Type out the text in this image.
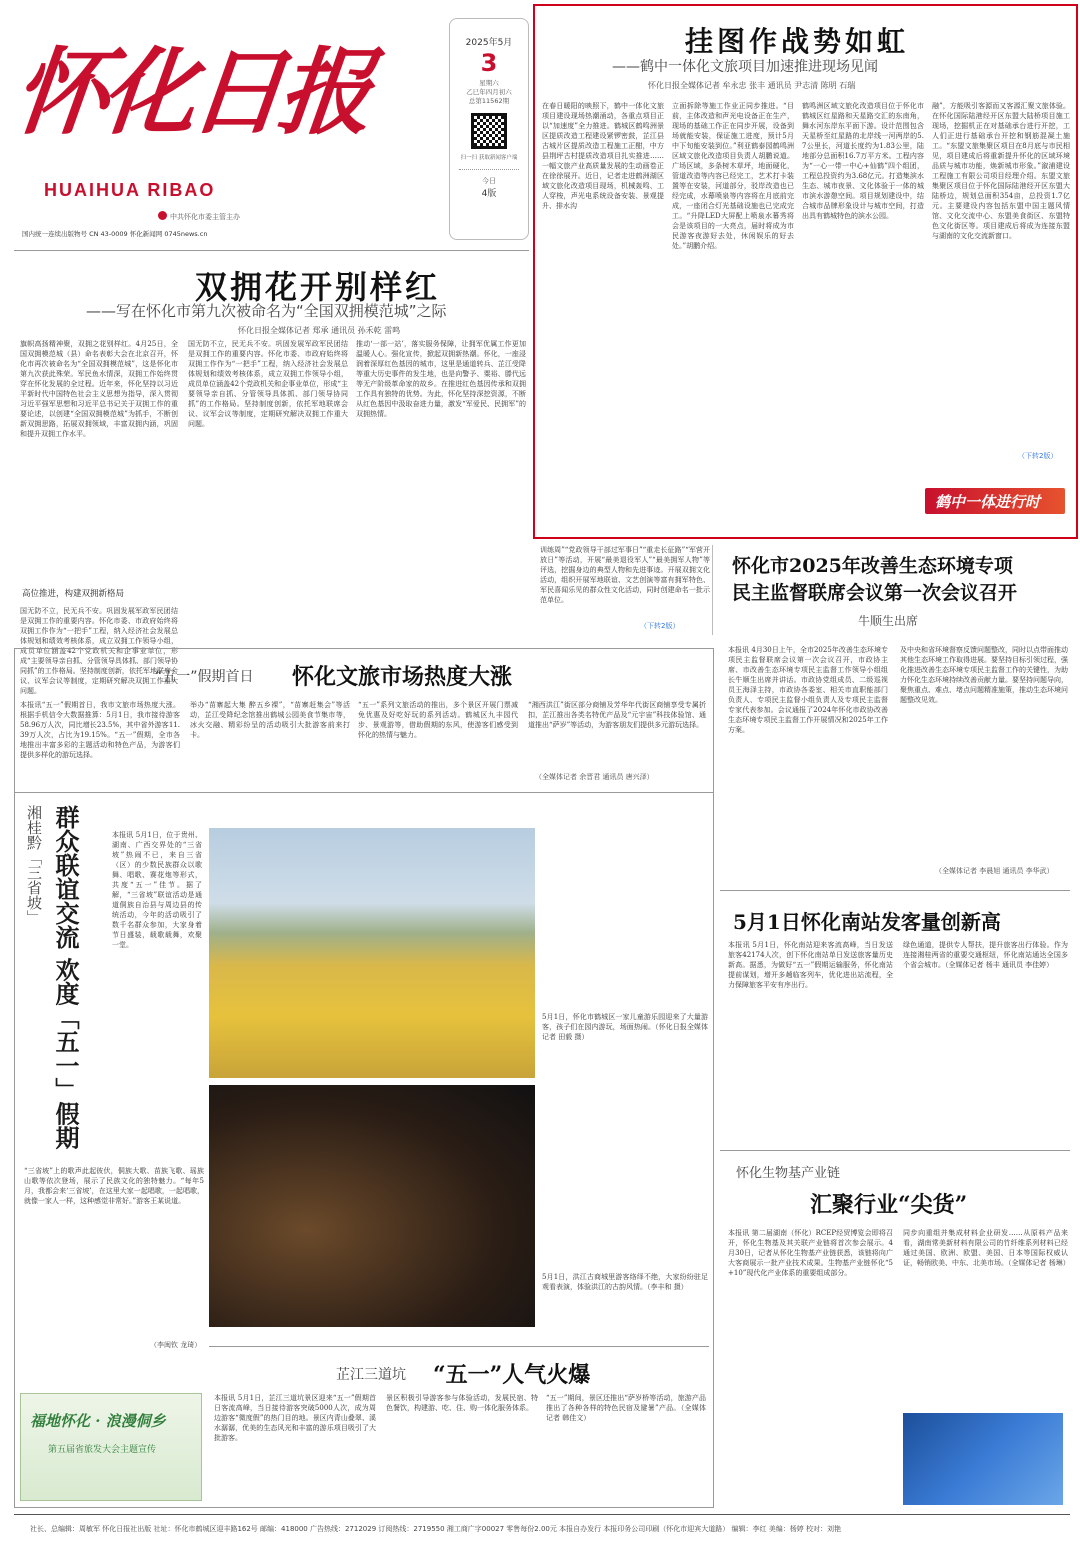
怀化日报
HUAIHUA RIBAO
中共怀化市委主管主办
国内统一连续出版物号 CN 43-0009 怀化新闻网 0745news.cn
2025年5月
3
星期六
乙巳年四月初六
总第11562期
扫一扫 获取新闻客户端
今日
4版
挂图作战势如虹
——鹤中一体化文旅项目加速推进现场见闻
怀化日报全媒体记者 牟永忠 张丰 通讯员 尹志清 陈明 石瑞
在春日暖阳的映照下，鹤中一体化文旅项目建设现场热潮涌动，各重点项目正以“加速度”全力推进。鹤城区鹤鸣洲景区提质改造工程建设紧锣密鼓，芷江县古城片区提质改造工程施工正酣，中方县荆坪古村提质改造项目扎实推进……一幅文旅产业高质量发展的生动画卷正在徐徐展开。近日，记者走进鹤洲湖区域文旅化改造项目现场，机械轰鸣、工人穿梭，声光电系统设备安装、景观提升、排水沟
立面拆除等施工作业正同步推进。“目前，主体改造和声光电设备正在生产，现场的基础工作正在同步开展，设备到场就能安装，保证施工进度，预计5月中下旬能安装到位。”利亚鹤泰园鹤鸣洲区域文旅化改造项目负责人胡鹏说道。广场区域，多条树木草坪，地面硬化，管道改造等内容已经完工，艺术打卡装置等在安装，河道部分，驳岸改造也已经完成，水幕喷泉等内容将在月底前完成，一座闭合灯光基础设施也已完成完工。“升降LED大屏配上喷泉水幕秀将会是该项目的一大亮点，届时将成为市民游客夜游好去处，休闲娱乐的好去处。”胡鹏介绍。
鹤鸣洲区域文旅化改造项目位于怀化市鹤城区红星路和天星路交汇的东南角，舞水河东岸东平面下游。设计范围包含天星桥至红星路的北岸线一河两岸的5.7公里长，河道长度约为1.83公里，陆地部分总面积16.7万平方米。工程内容为“一心一带一中心+仙鹤”四个组团，工程总投资约为3.68亿元。打造集滨水生态、城市夜景、文化体验于一体的城市滨水游憩空间。项目规划建设中，结合城市品牌形象设计与城市空间，打造出具有鹤城特色的滨水公园。
融”，方能吸引客源而又客源汇聚文旅体验。在怀化国际陆港经开区东盟大陆桥项目施工现场，挖掘机正在对基础承台进行开挖，工人们正进行基础承台开挖和钢筋混凝土施工。“东盟文旅集聚区项目在8月底与市民相见，项目建成后将重新提升怀化的区域环境品质与城市功能，焕新城市形象。”溆浦建设工程施工有限公司项目经理介绍。东盟文旅集聚区项目位于怀化国际陆港经开区东盟大陆桥边，规划总面积354亩，总投资1.7亿元。主要建设内容包括东盟中国主题风情馆、文化交流中心、东盟美食街区、东盟特色文化街区等。项目建成后将成为连接东盟与湖南的文化交流新窗口。
（下转2版）
鹤中一体进行时
双拥花开别样红
——写在怀化市第九次被命名为“全国双拥模范城”之际
怀化日报全媒体记者 郑承 通讯员 孙禾乾 雷鸣
旗帜高扬精神聚，双拥之花别样红。4月25日，全国双拥模范城（县）命名表彰大会在北京召开，怀化市再次被命名为“全国双拥模范城”，这是怀化市第九次获此殊荣。军民鱼水情深，双拥工作始终贯穿在怀化发展的全过程。近年来，怀化坚持以习近平新时代中国特色社会主义思想为指导，深入贯彻习近平强军思想和习近平总书记关于双拥工作的重要论述，以创建“全国双拥模范城”为抓手，不断创新双拥思路，拓展双拥领域，丰富双拥内涵，巩固和提升双拥工作水平。
高位推进，构建双拥新格局
国无防不立，民无兵不安。巩固发展军政军民团结是双拥工作的重要内容。怀化市委、市政府始终将双拥工作作为“一把手”工程，纳入经济社会发展总体规划和绩效考核体系，成立双拥工作领导小组，成员单位涵盖42个党政机关和企事业单位，形成“主要领导亲自抓、分管领导具体抓、部门领导协同抓”的工作格局。坚持制度创新，依托军地联席会议、议军会议等制度，定期研究解决双拥工作重大问题。
国无防不立，民无兵不安。巩固发展军政军民团结是双拥工作的重要内容。怀化市委、市政府始终将双拥工作作为“一把手”工程，纳入经济社会发展总体规划和绩效考核体系，成立双拥工作领导小组，成员单位涵盖42个党政机关和企事业单位，形成“主要领导亲自抓、分管领导具体抓、部门领导协同抓”的工作格局。坚持制度创新，依托军地联席会议、议军会议等制度，定期研究解决双拥工作重大问题。
推动‘一部一站’，落实服务保障，让拥军优属工作更加温暖人心。强化宣传，掀起双拥新热潮。怀化，一座浸润着深厚红色基因的城市，这里是通道转兵、芷江受降等重大历史事件的发生地，也是向警予、粟裕、滕代远等无产阶级革命家的故乡。在推进红色基因传承和双拥工作具有独特的优势。为此，怀化坚持深挖资源，不断从红色基因中汲取奋进力量，激发“军爱民、民拥军”的双拥热情。
训练周”“党政领导干部过军事日”“重走长征路”“军营开放日”等活动，开展“最美退役军人”“最美拥军人物”等评选，挖掘身边的典型人物和先进事迹。开展双拥文化活动，组织开展军地联谊、文艺创演等富有拥军特色、军民喜闻乐见的群众性文化活动，同时创建命名一批示范单位。
（下转2版）
怀化市2025年改善生态环境专项
民主监督联席会议第一次会议召开
牛顺生出席
本报讯 4月30日上午，全市2025年改善生态环境专项民主监督联席会议第一次会议召开，市政协主席、市改善生态环境专项民主监督工作领导小组组长牛顺生出席并讲话。市政协党组成员、二级巡视员王海泽主持，市政协各委室、相关市直职能部门负责人、专项民主监督小组负责人及专项民主监督专家代表参加。会议通报了2024年怀化市政协改善生态环境专项民主监督工作开展情况和2025年工作方案。
及中央和省环境督察反馈问题整改，同时以点带面推动其他生态环境工作取得进展。要坚持目标引领过程，强化推进改善生态环境专项民主监督工作的关键性，为助力怀化生态环境持续改善贡献力量。要坚持问题导向，聚焦重点、难点、堵点问题精准施策，推动生态环境问题整改见效。
（全媒体记者 李晨旭 通讯员 李华武）
“五一”假期首日 怀化文旅市场热度大涨
本报讯“五一”假期首日，我市文旅市场热度大涨。根据手机信令大数据推算：5月1日，我市接待游客58.96万人次，同比增长23.5%，其中省外游客11.39万人次，占比为19.15%。“五一”假期，全市各地推出丰富多彩的主题活动和特色产品，为游客们提供多样化的游玩选择。
举办“苗寨起大集 醉五乡裸”，“苗寨赶集会”等活动，芷江受降纪念馆推出鹤城公园美食节集市等，冰火交融、精彩纷呈的活动吸引大批游客前来打卡。
“五一”系列文旅活动的推出，多个景区开展门票减免优惠及好吃好玩的系列活动。鹤城区九丰园代步、景观游等，借助假期的东风，使游客们感受到怀化的热情与魅力。
“湘西洪江”街区部分商铺及芳华年代街区商铺享受专属折扣，芷江推出各类名特优产品及“元宇宙”科技体验馆、通道推出“萨岁”等活动，为游客朋友们提供多元游玩选择。
（全媒体记者 余晋君 通讯员 唐兴泽）
湘桂黔「三省坡」 群众联谊交流 欢度「五一」假期	本报讯 5月1日，位于贵州、湖南、广西交界处的“三省坡”热闹不已，来自三省（区）的少数民族群众以歌舞、唱歌、赛花炮等形式，共度“五一”佳节。据了解，“三省坡”联谊活动是通道侗族自治县与周边县的传统活动，今年的活动吸引了数千名群众参加，大家身着节日盛装，载歌载舞，欢聚一堂。
“三省坡”上的歌声此起彼伏，侗族大歌、苗族飞歌、瑶族山歌等依次登场，展示了民族文化的独特魅力。“每年5月，我都会来‘三省坡’，在这里大家一起唱歌，一起唱歌，就像一家人一样，这种感觉非常好。”游客王某说道。
（李闽钦 龙琦）
5月1日，怀化市鹤城区一家儿童游乐园迎来了大量游客，孩子们在园内游玩，场面热闹。（怀化日报全媒体记者 田毅 摄）
5月1日，洪江古商城里游客络绎不绝，大家纷纷驻足观看表演，体验洪江的古韵风情。（李丰和 摄）
芷江三道坑 “五一”人气火爆
本报讯 5月1日，芷江三道坑景区迎来“五一”假期首日客流高峰，当日接待游客突破5000人次，成为周边游客“微度假”的热门目的地。景区内青山叠翠、溪水潺潺，优美的生态风光和丰富的游乐项目吸引了大批游客。
景区积极引导游客参与体验活动，发展民宿、特色餐饮，构建游、吃、住、购一体化服务体系。
“五一”期间，景区还推出“萨岁桥等活动，旅游产品推出了各种各样的特色民宿及避暑”产品。（全媒体记者 韩佳文）
福地怀化 · 浪漫侗乡
第五届省旅发大会主题宣传
5月1日怀化南站发客量创新高
本报讯 5月1日，怀化南站迎来客流高峰，当日发送旅客42174人次，创下怀化南站单日发送旅客量历史新高。据悉，为做好“五一”假期运输服务，怀化南站提前谋划，增开多趟临客列车，优化进出站流程，全力保障旅客平安有序出行。
绿色通道，提供专人帮扶，提升旅客出行体验。作为连接湘桂两省的重要交通枢纽，怀化南站通达全国多个省会城市。（全媒体记者 杨丰 通讯员 李佳婷）
怀化生物基产业链
汇聚行业“尖货”
本报讯 第二届湖南（怀化）RCEP经贸博览会即将召开，怀化生物基及其关联产业链将首次参会展示。4月30日，记者从怀化生物基产业链获悉，该链将向广大客商展示一批产业技术成果。生物基产业链怀化“5+10”现代化产业体系的重要组成部分。
同步向重组并集成材料企业研发……从原料产品来看，湖南常美新材料有限公司的竹纤维系列材料已经通过美国、欧洲、欧盟、美国、日本等国际权威认证，畅销欧美、中东、北美市场。（全媒体记者 杨琳）
社长、总编辑：周敏军 怀化日报社出版 社址：怀化市鹤城区迎丰路162号 邮编：418000 广告热线：2712029 订阅热线：2719550 湘工商广字00027 零售每份2.00元 本报自办发行 本报印务公司印刷（怀化市迎宾大道路） 编辑：李红 美编：杨婷 校对：刘艳
